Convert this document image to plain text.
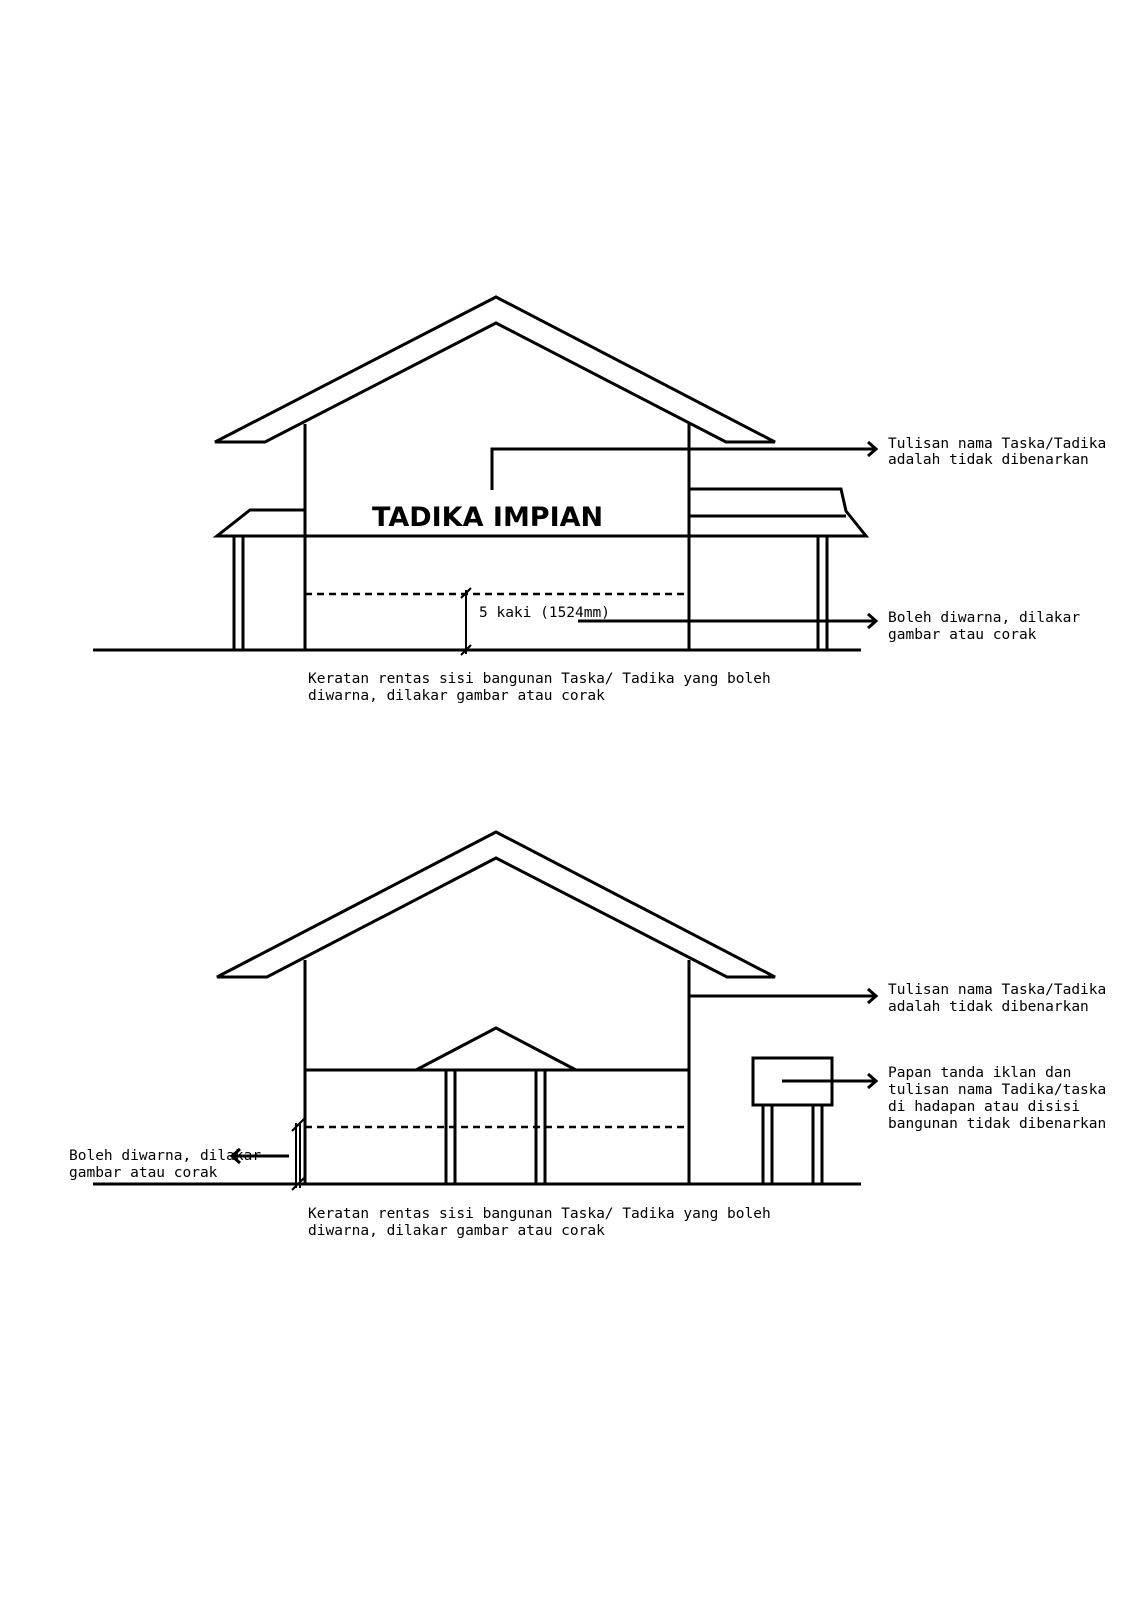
TADIKA IMPIAN
5 kaki (1524mm)
Tulisan nama Taska/Tadika
adalah tidak dibenarkan
Boleh diwarna, dilakar
gambar atau corak
Keratan rentas sisi bangunan Taska/ Tadika yang boleh
diwarna, dilakar gambar atau corak
Tulisan nama Taska/Tadika
adalah tidak dibenarkan
Papan tanda iklan dan
tulisan nama Tadika/taska
di hadapan atau disisi
bangunan tidak dibenarkan
Boleh diwarna, dilakar
gambar atau corak
Keratan rentas sisi bangunan Taska/ Tadika yang boleh
diwarna, dilakar gambar atau corak
